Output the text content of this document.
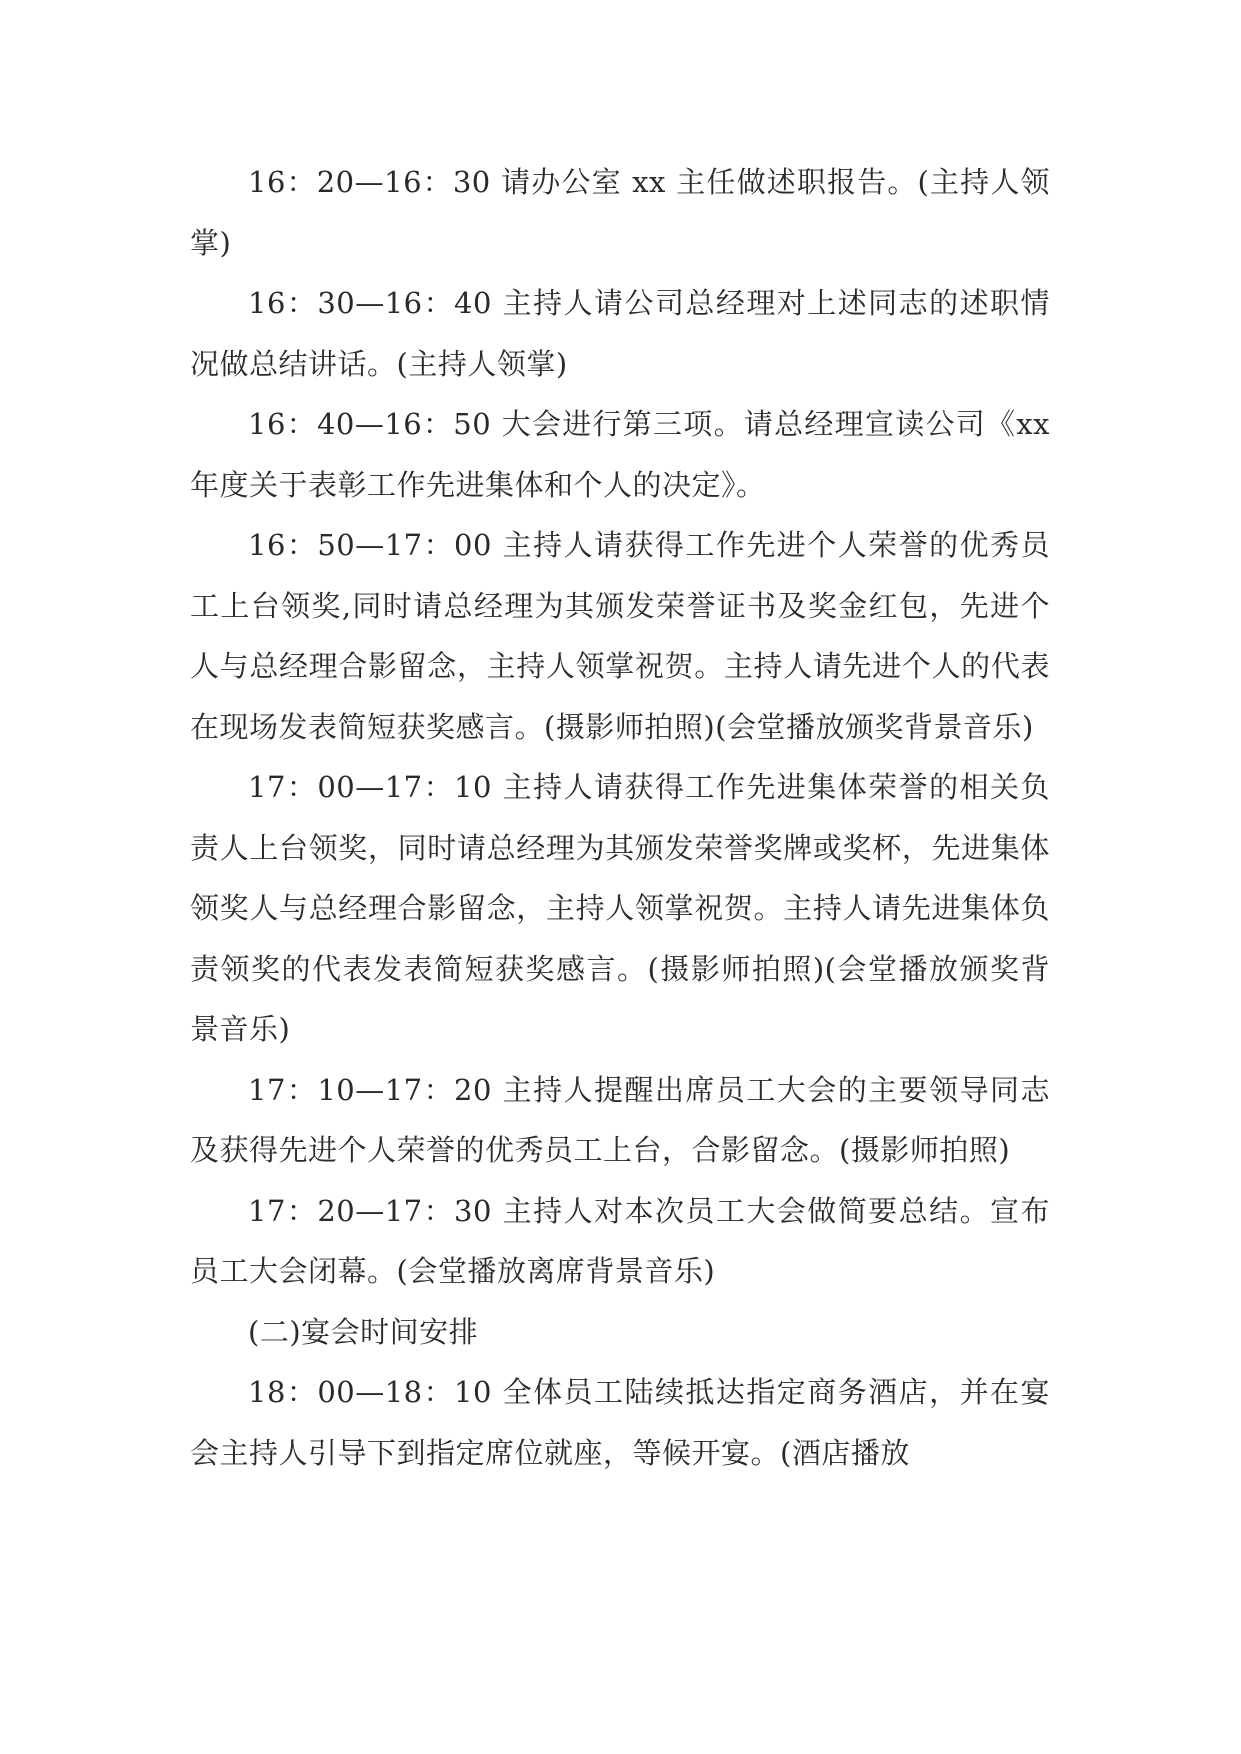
16：20—16：30 请办公室 xx 主任做述职报告。(主持人领掌)

16：30—16：40 主持人请公司总经理对上述同志的述职情况做总结讲话。(主持人领掌)

16：40—16：50 大会进行第三项。请总经理宣读公司《xx 年度关于表彰工作先进集体和个人的决定》。

16：50—17：00 主持人请获得工作先进个人荣誉的优秀员工上台领奖,同时请总经理为其颁发荣誉证书及奖金红包，先进个人与总经理合影留念，主持人领掌祝贺。主持人请先进个人的代表在现场发表简短获奖感言。(摄影师拍照)(会堂播放颁奖背景音乐)

17：00—17：10 主持人请获得工作先进集体荣誉的相关负责人上台领奖，同时请总经理为其颁发荣誉奖牌或奖杯，先进集体领奖人与总经理合影留念，主持人领掌祝贺。主持人请先进集体负责领奖的代表发表简短获奖感言。(摄影师拍照)(会堂播放颁奖背景音乐)

17：10—17：20 主持人提醒出席员工大会的主要领导同志及获得先进个人荣誉的优秀员工上台，合影留念。(摄影师拍照)

17：20—17：30 主持人对本次员工大会做简要总结。宣布员工大会闭幕。(会堂播放离席背景音乐)

(二)宴会时间安排

18：00—18：10 全体员工陆续抵达指定商务酒店，并在宴会主持人引导下到指定席位就座，等候开宴。(酒店播放
